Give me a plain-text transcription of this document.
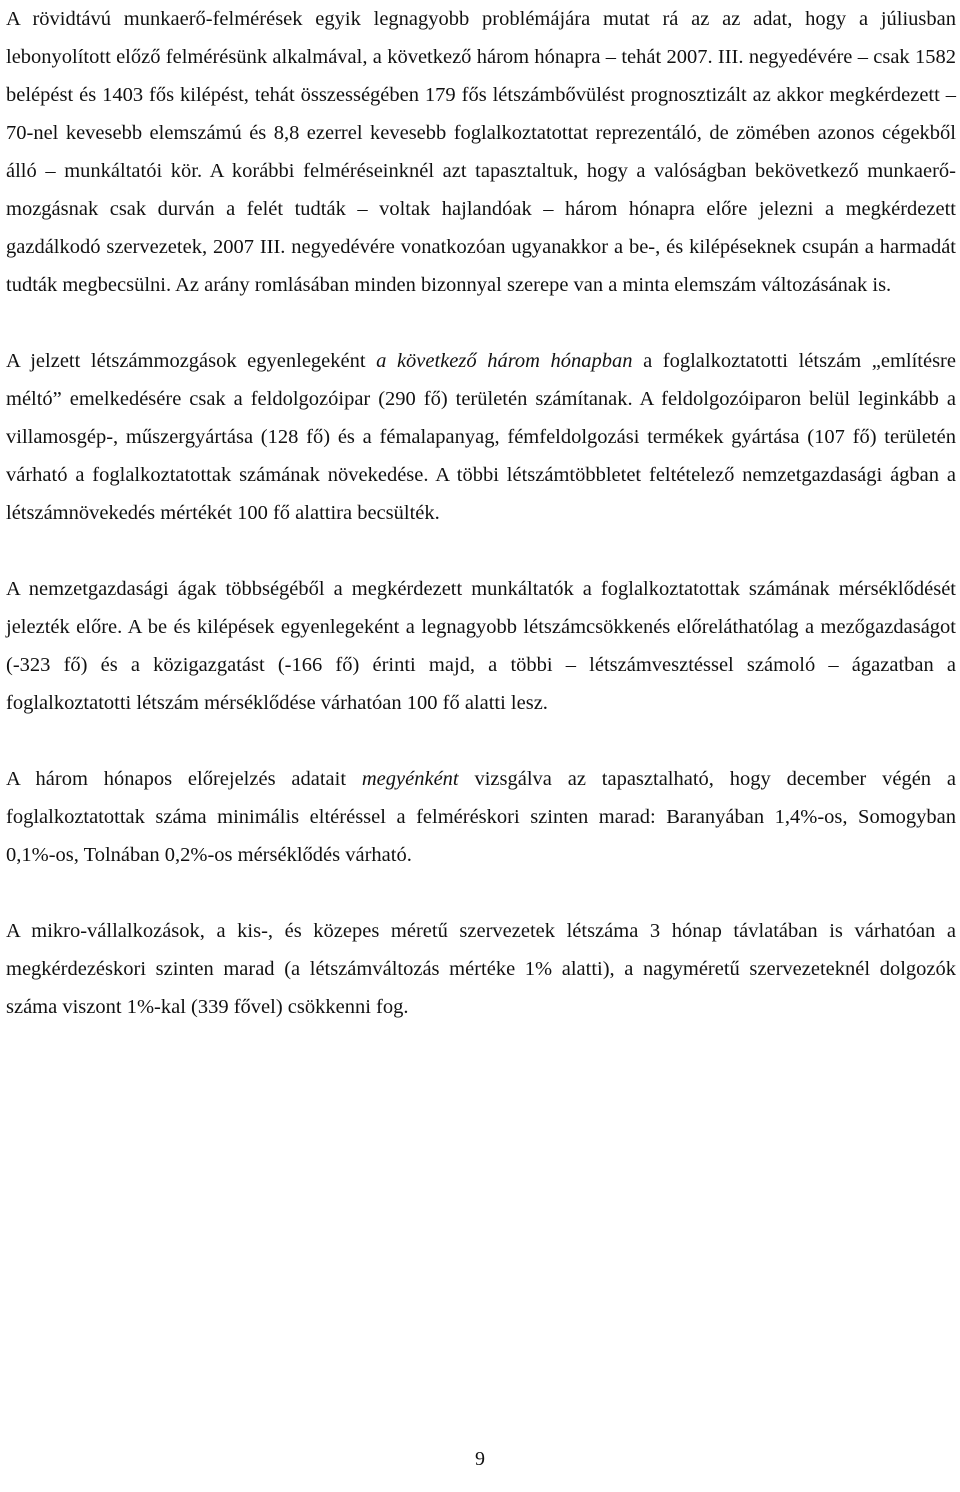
A rövidtávú munkaerő-felmérések egyik legnagyobb problémájára mutat rá az az adat, hogy a júliusban lebonyolított előző felmérésünk alkalmával, a következő három hónapra – tehát 2007. III. negyedévére – csak 1582 belépést és 1403 fős kilépést, tehát összességében 179 fős létszámbővülést prognosztizált az akkor megkérdezett – 70-nel kevesebb elemszámú és 8,8 ezerrel kevesebb foglalkoztatottat reprezentáló, de zömében azonos cégekből álló – munkáltatói kör. A korábbi felméréseinknél azt tapasztaltuk, hogy a valóságban bekövetkező munkaerő-mozgásnak csak durván a felét tudták – voltak hajlandóak – három hónapra előre jelezni a megkérdezett gazdálkodó szervezetek, 2007 III. negyedévére vonatkozóan ugyanakkor a be-, és kilépéseknek csupán a harmadát tudták megbecsülni. Az arány romlásában minden bizonnyal szerepe van a minta elemszám változásának is.

A jelzett létszámmozgások egyenlegeként a következő három hónapban a foglalkoztatotti létszám „említésre méltó” emelkedésére csak a feldolgozóipar (290 fő) területén számítanak. A feldolgozóiparon belül leginkább a villamosgép-, műszergyártása (128 fő) és a fémalapanyag, fémfeldolgozási termékek gyártása (107 fő) területén várható a foglalkoztatottak számának növekedése. A többi létszámtöbbletet feltételező nemzetgazdasági ágban a létszámnövekedés mértékét 100 fő alattira becsülték.

A nemzetgazdasági ágak többségéből a megkérdezett munkáltatók a foglalkoztatottak számának mérséklődését jelezték előre. A be és kilépések egyenlegeként a legnagyobb létszámcsökkenés előreláthatólag a mezőgazdaságot (-323 fő) és a közigazgatást (-166 fő) érinti majd, a többi – létszámvesztéssel számoló – ágazatban a foglalkoztatotti létszám mérséklődése várhatóan 100 fő alatti lesz.

A három hónapos előrejelzés adatait megyénként vizsgálva az tapasztalható, hogy december végén a foglalkoztatottak száma minimális eltéréssel a felméréskori szinten marad: Baranyában 1,4%-os, Somogyban 0,1%-os, Tolnában 0,2%-os mérséklődés várható.

A mikro-vállalkozások, a kis-, és közepes méretű szervezetek létszáma 3 hónap távlatában is várhatóan a megkérdezéskori szinten marad (a létszámváltozás mértéke 1% alatti), a nagyméretű szervezeteknél dolgozók száma viszont 1%-kal (339 fővel) csökkenni fog.

9
